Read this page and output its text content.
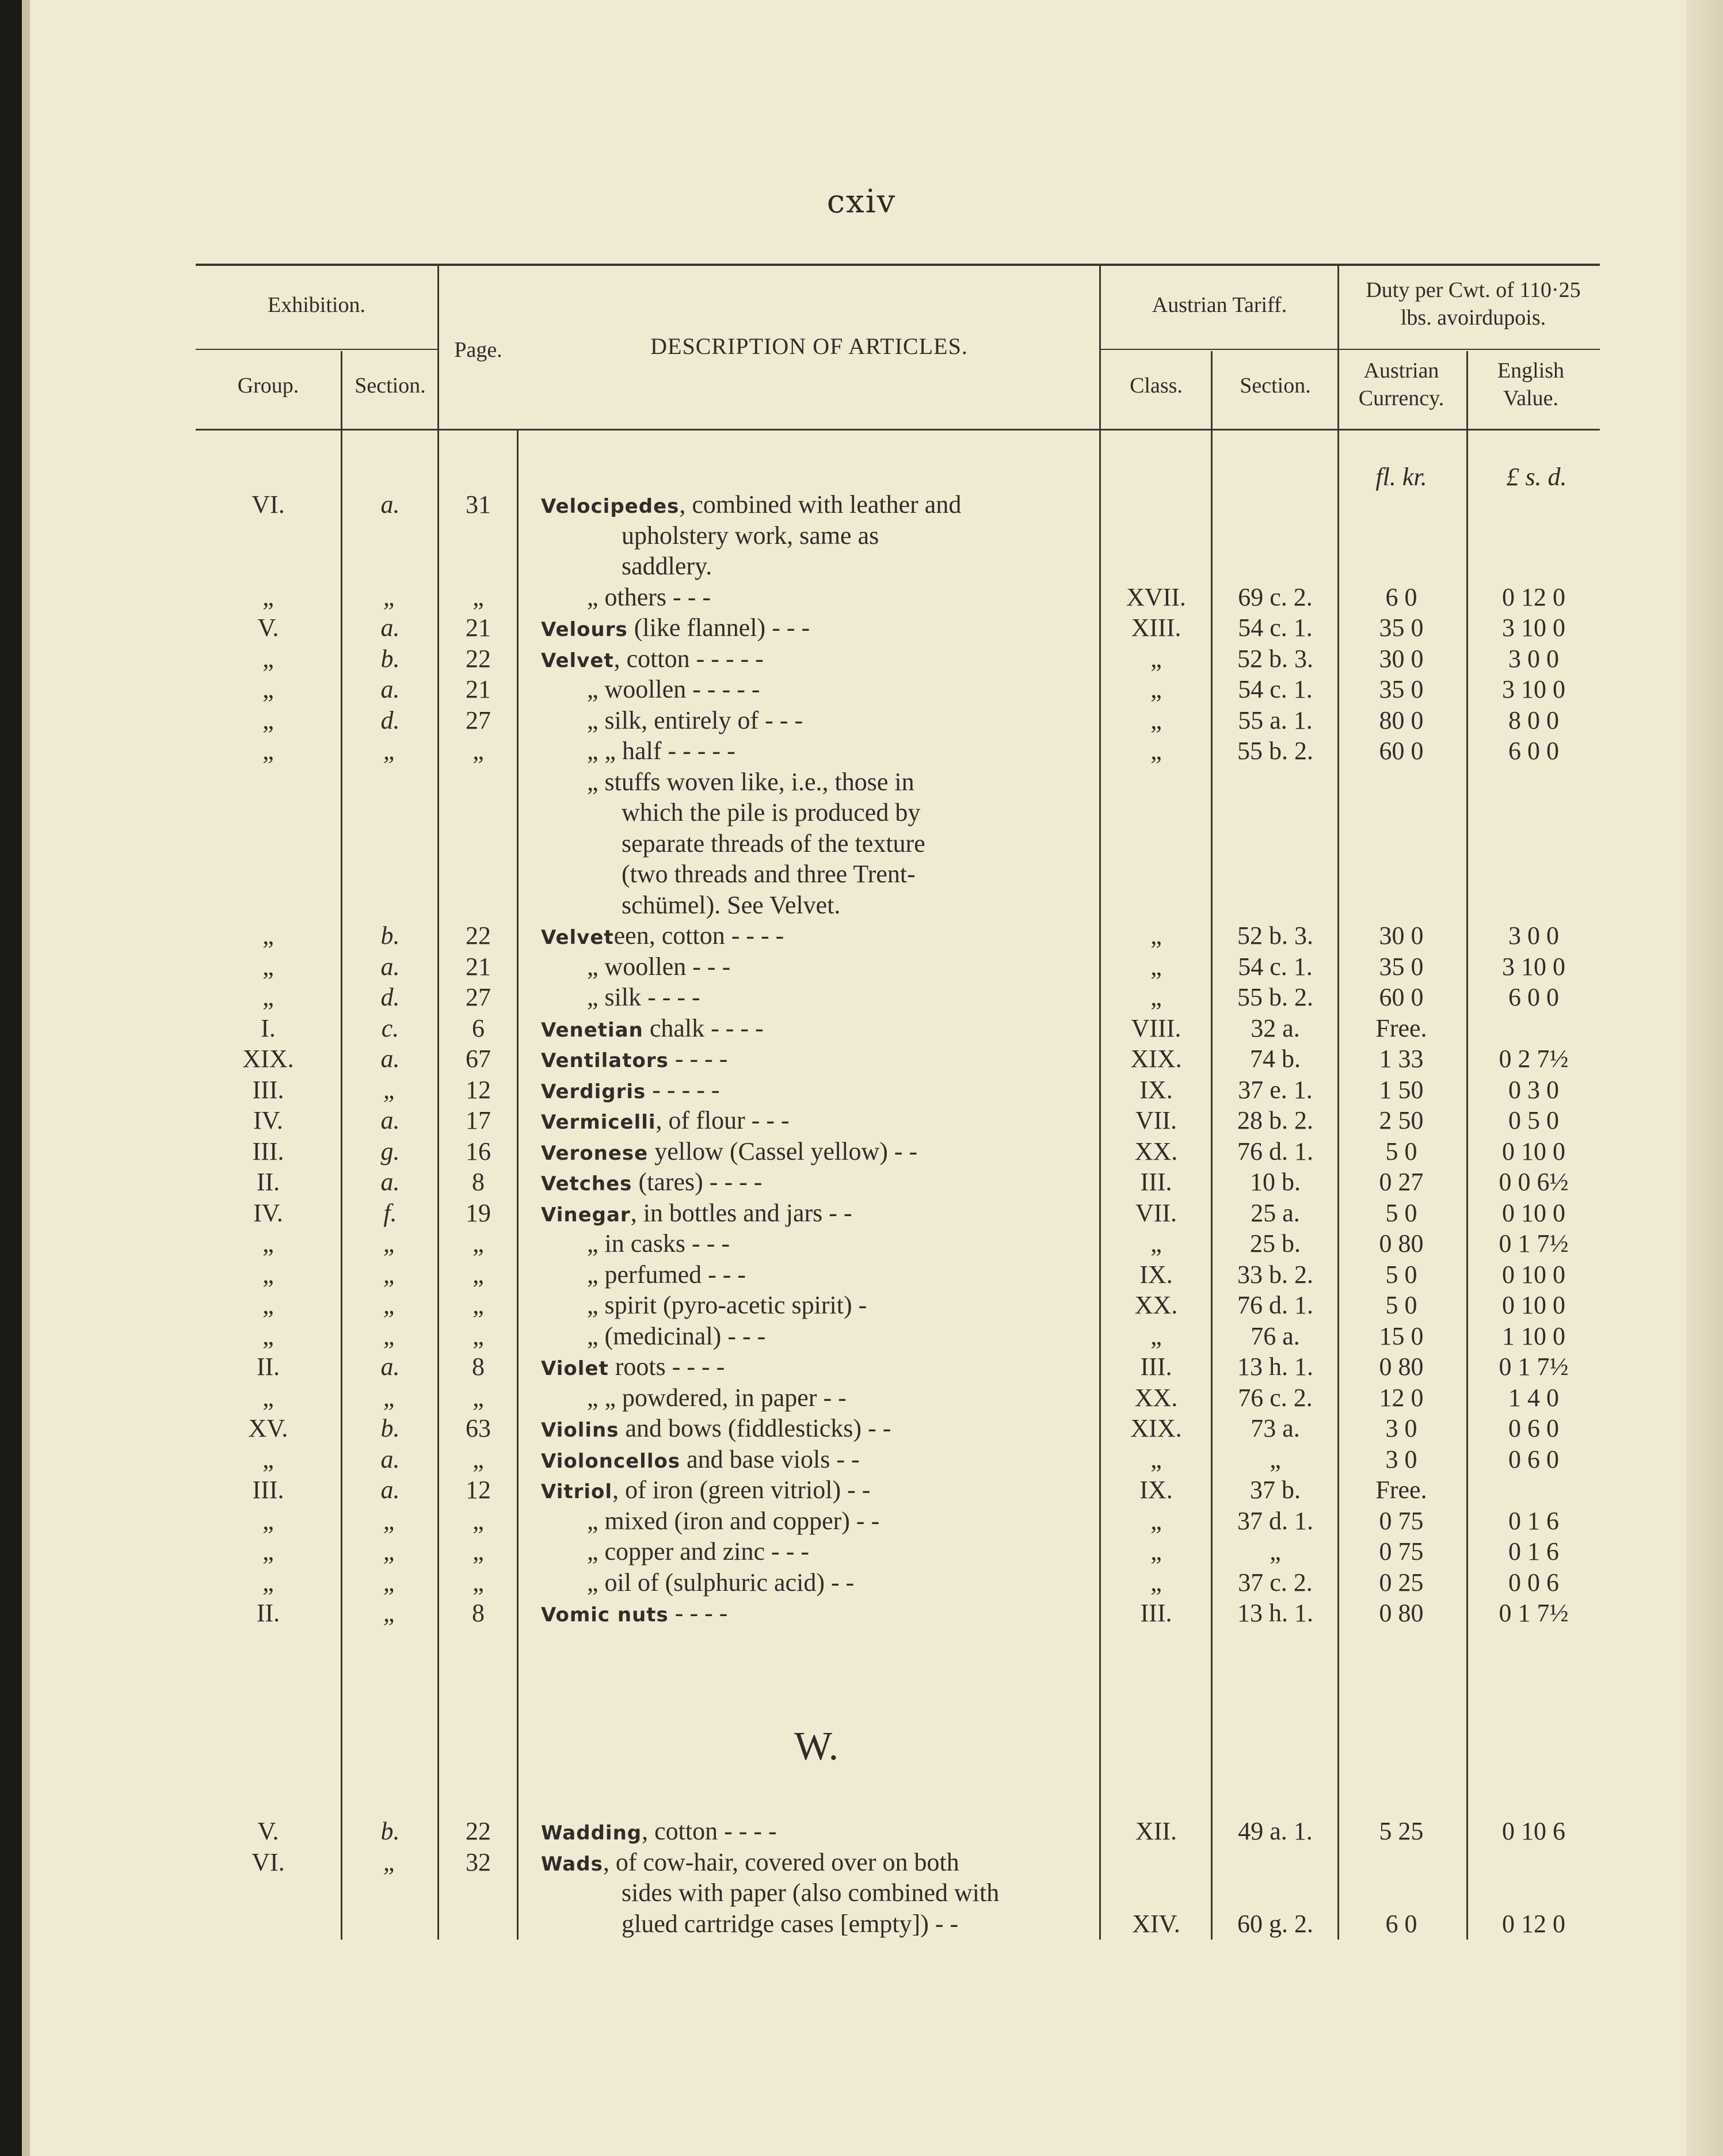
cxiv
Exhibition.
Group.	Section.
Page.	DESCRIPTION OF ARTICLES.
Austrian Tariff.
Class.	Section.
Duty per Cwt. of 110·25 lbs. avoirdupois.
Austrian Currency.
English Value.
fl. kr.	£ s. d.
VI.	a.	31	Velocipedes, combined with leather and
upholstery work, same as
saddlery.
„	„	„	„ others - - -	XVII.	69 c. 2.	6 0	0 12 0
V.	a.	21	Velours (like flannel) - - -	XIII.	54 c. 1.	35 0	3 10 0
„	b.	22	Velvet, cotton - - - - -	„	52 b. 3.	30 0	3 0 0
„	a.	21	„ woollen - - - - -	„	54 c. 1.	35 0	3 10 0
„	d.	27	„ silk, entirely of - - -	„	55 a. 1.	80 0	8 0 0
„	„	„	„ „ half - - - - -	„	55 b. 2.	60 0	6 0 0
„ stuffs woven like, i.e., those in
which the pile is produced by
separate threads of the texture
(two threads and three Trent-
schümel). See Velvet.
„	b.	22	Velveteen, cotton - - - -	„	52 b. 3.	30 0	3 0 0
„	a.	21	„ woollen - - -	„	54 c. 1.	35 0	3 10 0
„	d.	27	„ silk - - - -	„	55 b. 2.	60 0	6 0 0
I.	c.	6	Venetian chalk - - - -	VIII.	32 a.	Free.
XIX.	a.	67	Ventilators - - - -	XIX.	74 b.	1 33	0 2 7½
III.	„	12	Verdigris - - - - -	IX.	37 e. 1.	1 50	0 3 0
IV.	a.	17	Vermicelli, of flour - - -	VII.	28 b. 2.	2 50	0 5 0
III.	g.	16	Veronese yellow (Cassel yellow) - -	XX.	76 d. 1.	5 0	0 10 0
II.	a.	8	Vetches (tares) - - - -	III.	10 b.	0 27	0 0 6½
IV.	f.	19	Vinegar, in bottles and jars - -	VII.	25 a.	5 0	0 10 0
„	„	„	„ in casks - - -	„	25 b.	0 80	0 1 7½
„	„	„	„ perfumed - - -	IX.	33 b. 2.	5 0	0 10 0
„	„	„	„ spirit (pyro-acetic spirit) -	XX.	76 d. 1.	5 0	0 10 0
„	„	„	„ (medicinal) - - -	„	76 a.	15 0	1 10 0
II.	a.	8	Violet roots - - - -	III.	13 h. 1.	0 80	0 1 7½
„	„	„	„ „ powdered, in paper - -	XX.	76 c. 2.	12 0	1 4 0
XV.	b.	63	Violins and bows (fiddlesticks) - -	XIX.	73 a.	3 0	0 6 0
„	a.	„	Violoncellos and base viols - -	„	„	3 0	0 6 0
III.	a.	12	Vitriol, of iron (green vitriol) - -	IX.	37 b.	Free.
„	„	„	„ mixed (iron and copper) - -	„	37 d. 1.	0 75	0 1 6
„	„	„	„ copper and zinc - - -	„	„	0 75	0 1 6
„	„	„	„ oil of (sulphuric acid) - -	„	37 c. 2.	0 25	0 0 6
II.	„	8	Vomic nuts - - - -	III.	13 h. 1.	0 80	0 1 7½
W.
V.	b.	22	Wadding, cotton - - - -	XII.	49 a. 1.	5 25	0 10 6
VI.	„	32	Wads, of cow-hair, covered over on both
sides with paper (also combined with
glued cartridge cases [empty]) - -	XIV.	60 g. 2.	6 0	0 12 0
